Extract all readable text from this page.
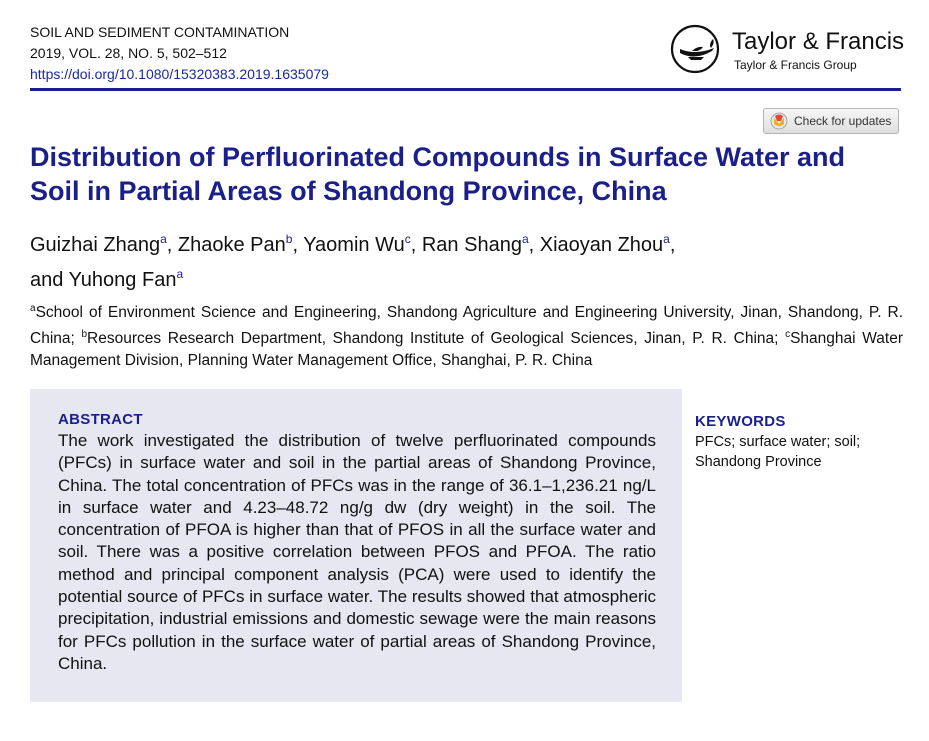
SOIL AND SEDIMENT CONTAMINATION
2019, VOL. 28, NO. 5, 502–512
https://doi.org/10.1080/15320383.2019.1635079
Taylor & Francis
Taylor & Francis Group
Check for updates
Distribution of Perfluorinated Compounds in Surface Water and Soil in Partial Areas of Shandong Province, China
Guizhai Zhang$^a$, Zhaoke Pan$^b$, Yaomin Wu$^c$, Ran Shang$^a$, Xiaoyan Zhou$^a$,
and Yuhong Fan$^a$
$^a$School of Environment Science and Engineering, Shandong Agriculture and Engineering University, Jinan, Shandong, P. R. China; $^b$Resources Research Department, Shandong Institute of Geological Sciences, Jinan, P. R. China; $^c$Shanghai Water Management Division, Planning Water Management Office, Shanghai, P. R. China
ABSTRACT
The work investigated the distribution of twelve perfluorinated compounds (PFCs) in surface water and soil in the partial areas of Shandong Province, China. The total concentration of PFCs was in the range of 36.1–1,236.21 ng/L in surface water and 4.23–48.72 ng/g dw (dry weight) in the soil. The concentration of PFOA is higher than that of PFOS in all the surface water and soil. There was a positive correlation between PFOS and PFOA. The ratio method and principal component analysis (PCA) were used to identify the potential source of PFCs in surface water. The results showed that atmospheric precipitation, industrial emissions and domestic sewage were the main reasons for PFCs pollution in the surface water of partial areas of Shandong Province, China.
KEYWORDS
PFCs; surface water; soil; Shandong Province
